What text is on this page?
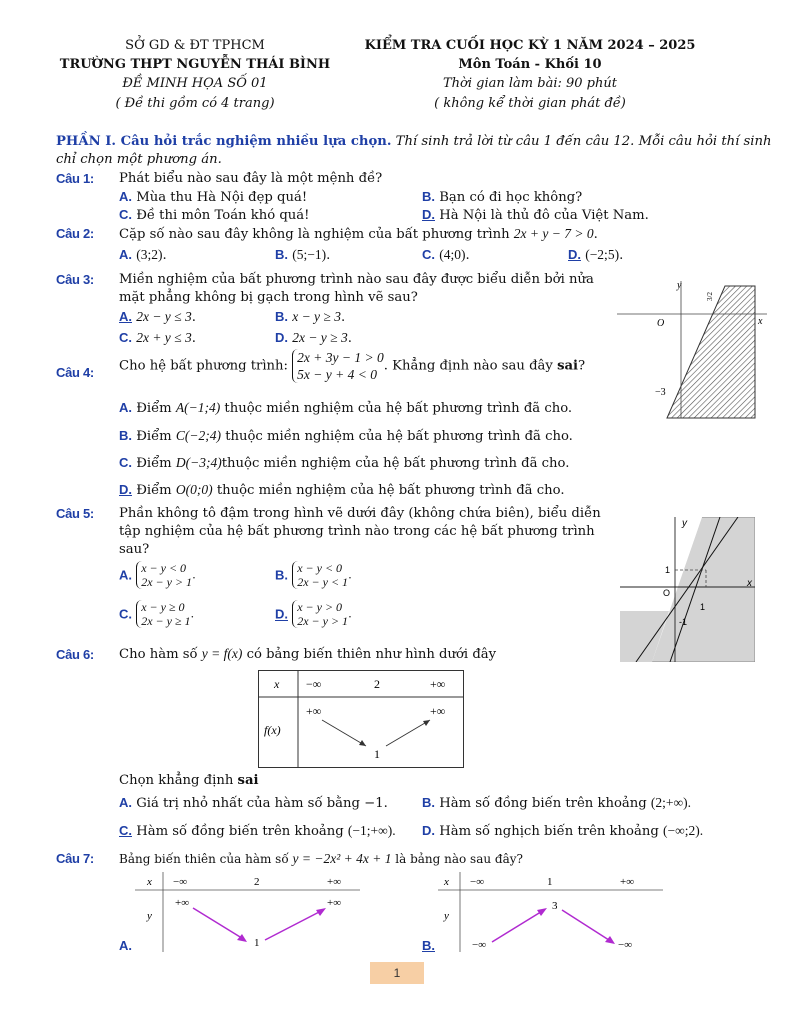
SỞ GD & ĐT TPHCM
TRƯỜNG THPT NGUYỄN THÁI BÌNH
ĐỀ MINH HỌA SỐ 01
( Đề thi gồm có 4 trang)
KIỂM TRA CUỐI HỌC KỲ 1 NĂM 2024 – 2025
Môn Toán - Khối 10
Thời gian làm bài: 90 phút
( không kể thời gian phát đề)
PHẦN I. Câu hỏi trắc nghiệm nhiều lựa chọn. Thí sinh trả lời từ câu 1 đến câu 12. Mỗi câu hỏi thí sinh
chỉ chọn một phương án.
Câu 1: Phát biểu nào sau đây là một mệnh đề?
A. Mùa thu Hà Nội đẹp quá!	B. Bạn có đi học không?
C. Đề thi môn Toán khó quá!	D. Hà Nội là thủ đô của Việt Nam.
Câu 2: Cặp số nào sau đây không là nghiệm của bất phương trình 2x + y − 7 > 0.
A. (3;2).	B. (5;−1).	C. (4;0).	D. (−2;5).
Câu 3: Miền nghiệm của bất phương trình nào sau đây được biểu diễn bởi nửa
mặt phẳng không bị gạch trong hình vẽ sau?
A. 2x − y ≤ 3.	B. x − y ≥ 3.
C. 2x + y ≤ 3.	D. 2x − y ≥ 3.
y
x
O
−3
3/2
Câu 4: Cho hệ bất phương trình: 2x + 3y − 1 > 0
5x − y + 4 < 0. Khẳng định nào sau đây sai?
A. Điểm A(−1;4) thuộc miền nghiệm của hệ bất phương trình đã cho.
B. Điểm C(−2;4) thuộc miền nghiệm của hệ bất phương trình đã cho.
C. Điểm D(−3;4)thuộc miền nghiệm của hệ bất phương trình đã cho.
D. Điểm O(0;0) thuộc miền nghiệm của hệ bất phương trình đã cho.
Câu 5: Phần không tô đậm trong hình vẽ dưới đây (không chứa biên), biểu diễn
tập nghiệm của hệ bất phương trình nào trong các hệ bất phương trình
sau?
A. x − y < 0
2x − y > 1.	B. x − y < 0
2x − y < 1.
C. x − y ≥ 0
2x − y ≥ 1.	D. x − y > 0
2x − y > 1.
y
x
O
1
1
-1
Câu 6: Cho hàm số y = f(x) có bảng biến thiên như hình dưới đây
x −∞	2	+∞
f(x)
+∞	+∞
1
Chọn khẳng định sai
A. Giá trị nhỏ nhất của hàm số bằng −1.	B. Hàm số đồng biến trên khoảng (2;+∞).
C. Hàm số đồng biến trên khoảng (−1;+∞). D. Hàm số nghịch biến trên khoảng (−∞;2).
Câu 7: Bảng biến thiên của hàm số y = −2x² + 4x + 1 là bảng nào sau đây?
x −∞	2	+∞
y
+∞	+∞
1
A.
x −∞	1	+∞
y
3
−∞	−∞
B.
1
